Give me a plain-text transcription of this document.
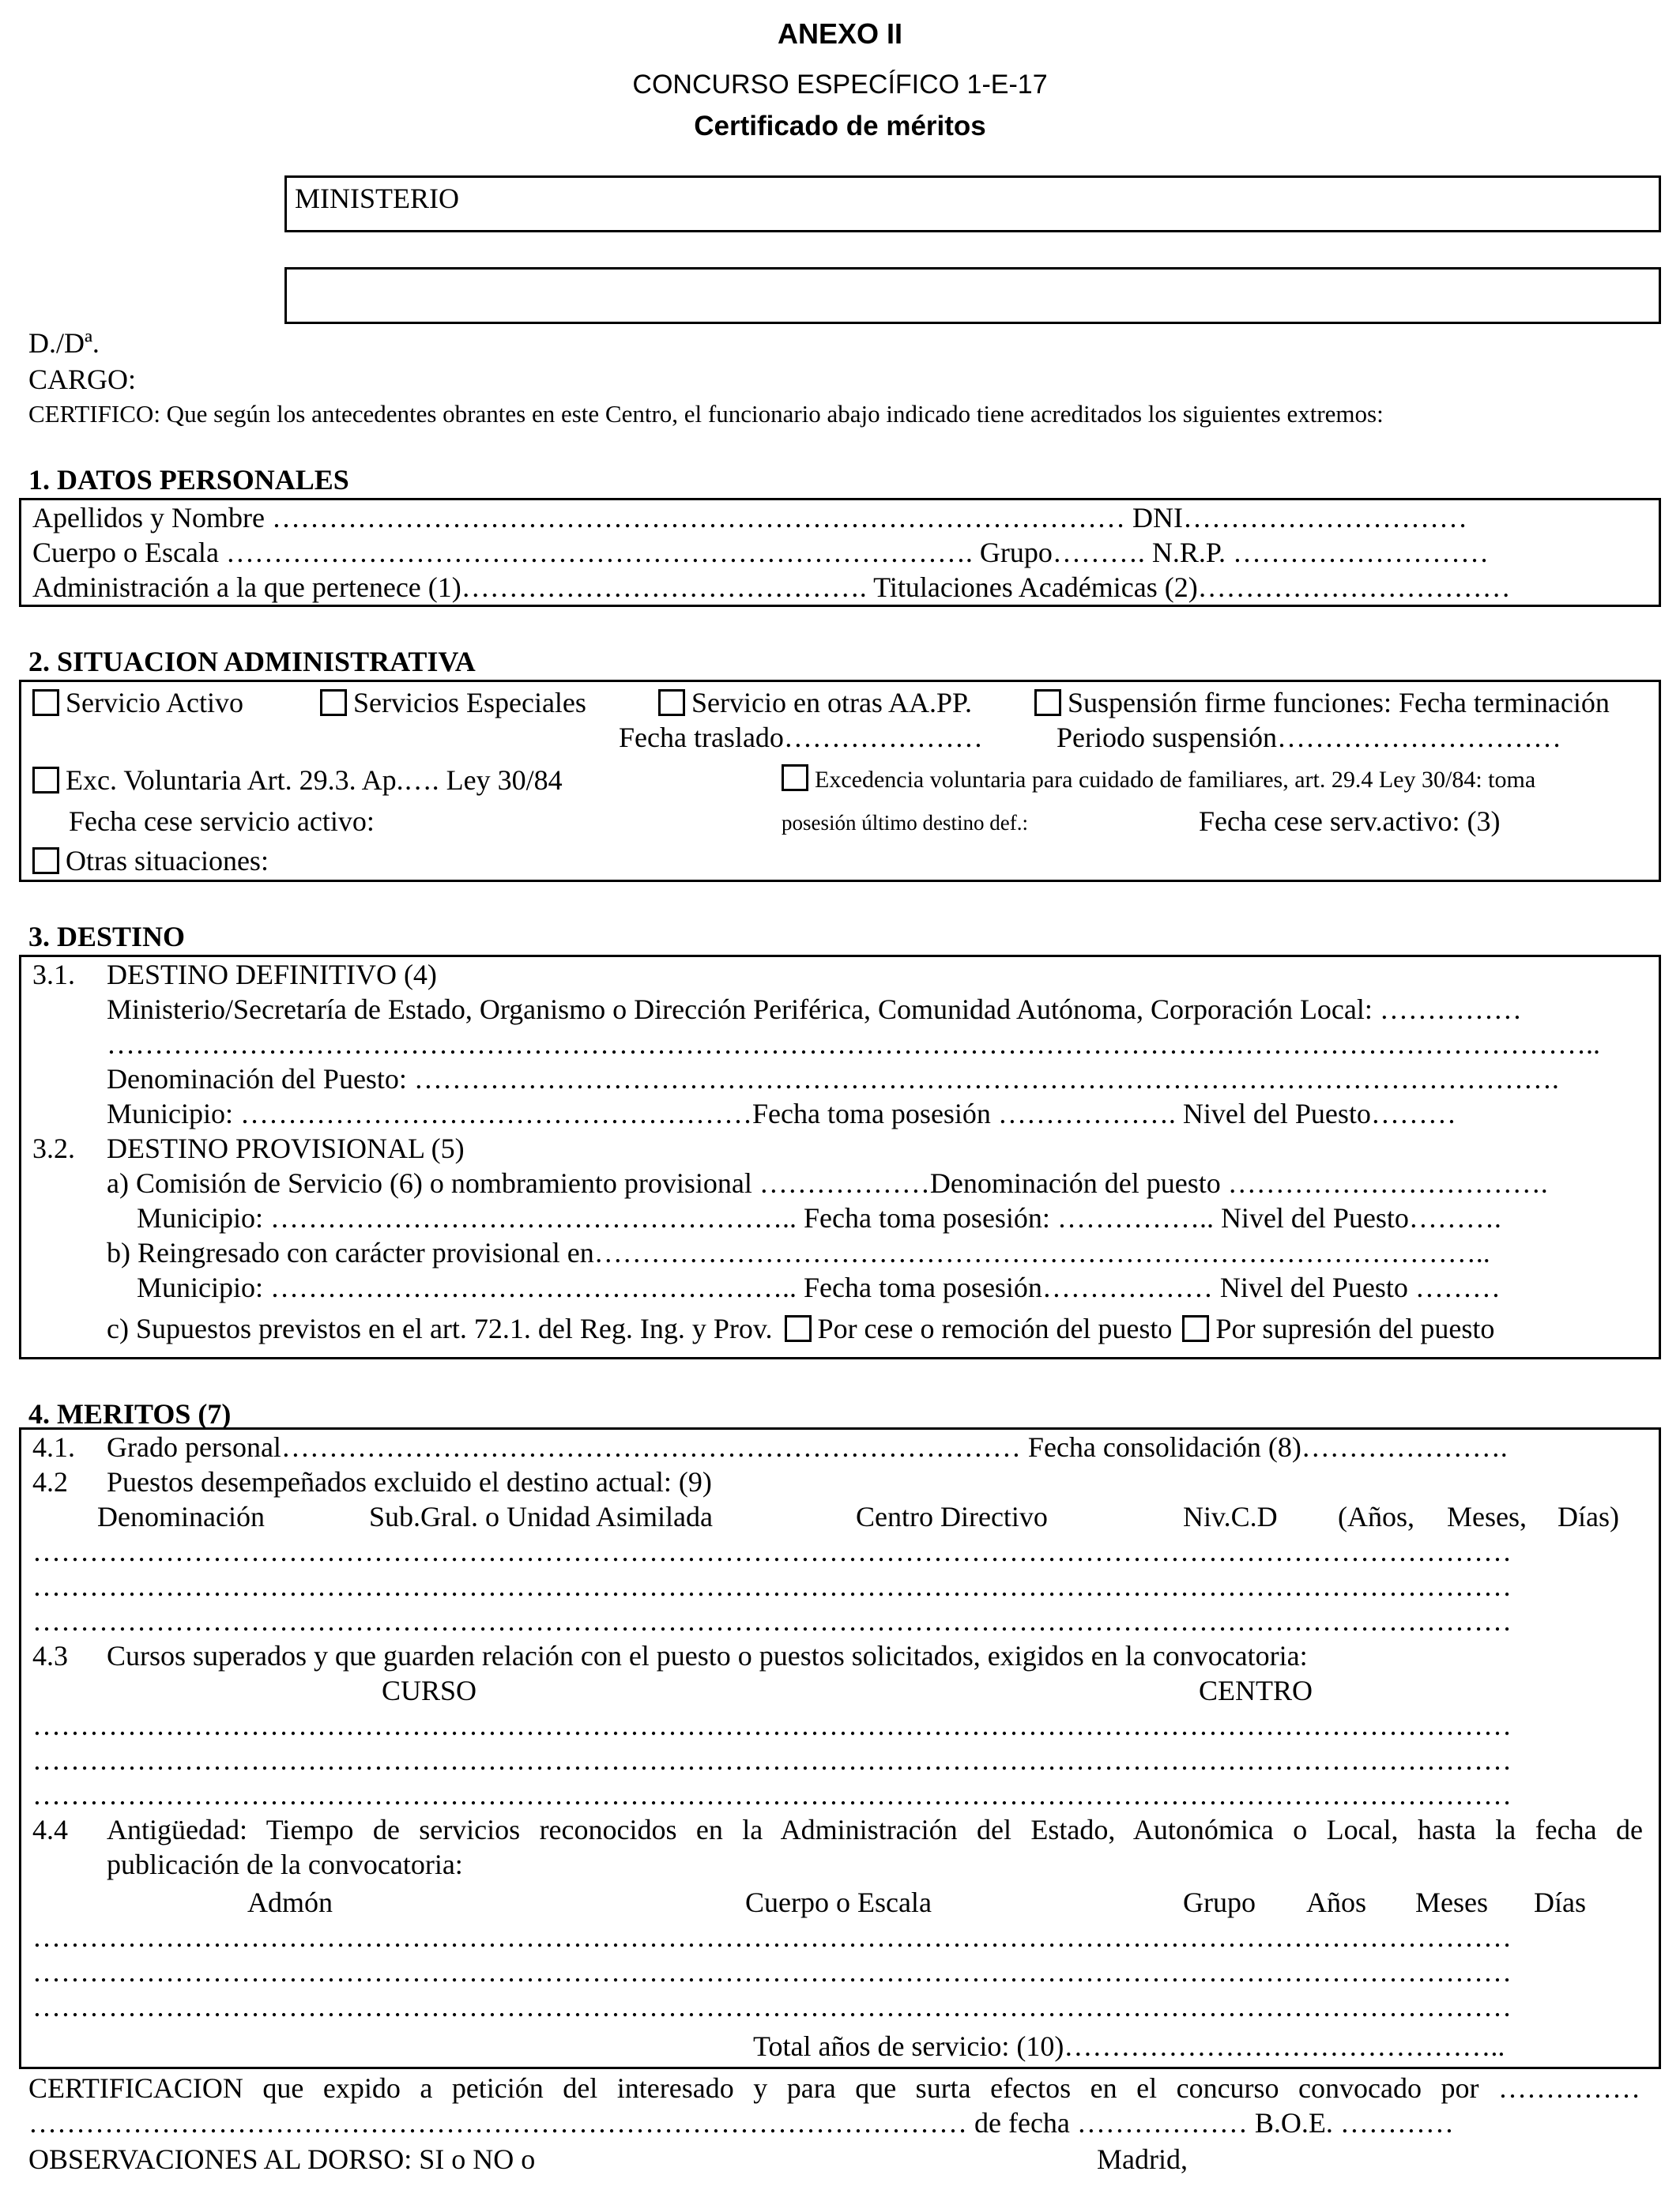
ANEXO II
CONCURSO ESPECÍFICO 1-E-17
Certificado de méritos
MINISTERIO
D./Dª.
CARGO:
CERTIFICO: Que según los antecedentes obrantes en este Centro, el funcionario abajo indicado tiene acreditados los siguientes extremos:
1. DATOS PERSONALES
Apellidos y Nombre ……………………………………………………………………………… DNI…………………………
Cuerpo o Escala ……………………………………………………………………. Grupo………. N.R.P. ………………………
Administración a la que pertenece (1)……………………………………. Titulaciones Académicas (2)……………………………
2. SITUACION ADMINISTRATIVA
Servicio Activo	Servicios Especiales	Servicio en otras AA.PP.	Suspensión firme funciones: Fecha terminación
Fecha traslado…………………	Periodo suspensión…………………………
Exc. Voluntaria Art. 29.3. Ap.…. Ley 30/84	Excedencia voluntaria para cuidado de familiares, art. 29.4 Ley 30/84: toma
Fecha cese servicio activo:	posesión último destino def.:	Fecha cese serv.activo: (3)
Otras situaciones:
3. DESTINO
3.1. DESTINO DEFINITIVO (4)
Ministerio/Secretaría de Estado, Organismo o Dirección Periférica, Comunidad Autónoma, Corporación Local: ……………
…………………………………………………………………………………………………………………………………………..
Denominación del Puesto: ………………………………………………………………………………………………………….
Municipio: ………………………………………………Fecha toma posesión ………………. Nivel del Puesto………
3.2. DESTINO PROVISIONAL (5)
a) Comisión de Servicio (6) o nombramiento provisional ………………Denominación del puesto …………………………….
Municipio: ……………………………………………….. Fecha toma posesión: …………….. Nivel del Puesto……….
b) Reingresado con carácter provisional en…………………………………………………………………………………..
Municipio: ……………………………………………….. Fecha toma posesión……………… Nivel del Puesto ………
c) Supuestos previstos en el art. 72.1. del Reg. Ing. y Prov. Por cese o remoción del puesto Por supresión del puesto
4. MERITOS (7)
4.1. Grado personal…………………………………………………………………… Fecha consolidación (8)………………….
4.2 Puestos desempeñados excluido el destino actual: (9)
Denominación	Sub.Gral. o Unidad Asimilada	Centro Directivo	Niv.C.D (Años, Meses, Días)
…………………………………………………………………………………………………………………………………………
…………………………………………………………………………………………………………………………………………
…………………………………………………………………………………………………………………………………………
4.3 Cursos superados y que guarden relación con el puesto o puestos solicitados, exigidos en la convocatoria:
CURSO	CENTRO
…………………………………………………………………………………………………………………………………………
…………………………………………………………………………………………………………………………………………
…………………………………………………………………………………………………………………………………………
4.4 Antigüedad: Tiempo de servicios reconocidos en la Administración del Estado, Autonómica o Local, hasta la fecha de
publicación de la convocatoria:
Admón	Cuerpo o Escala	Grupo Años Meses Días
…………………………………………………………………………………………………………………………………………
…………………………………………………………………………………………………………………………………………
…………………………………………………………………………………………………………………………………………
Total años de servicio: (10)………………………………………..
CERTIFICACION que expido a petición del interesado y para que surta efectos en el concurso convocado por ……………
……………………………………………………………………………………… de fecha ……………… B.O.E. …………
OBSERVACIONES AL DORSO: SI o NO o	Madrid,
